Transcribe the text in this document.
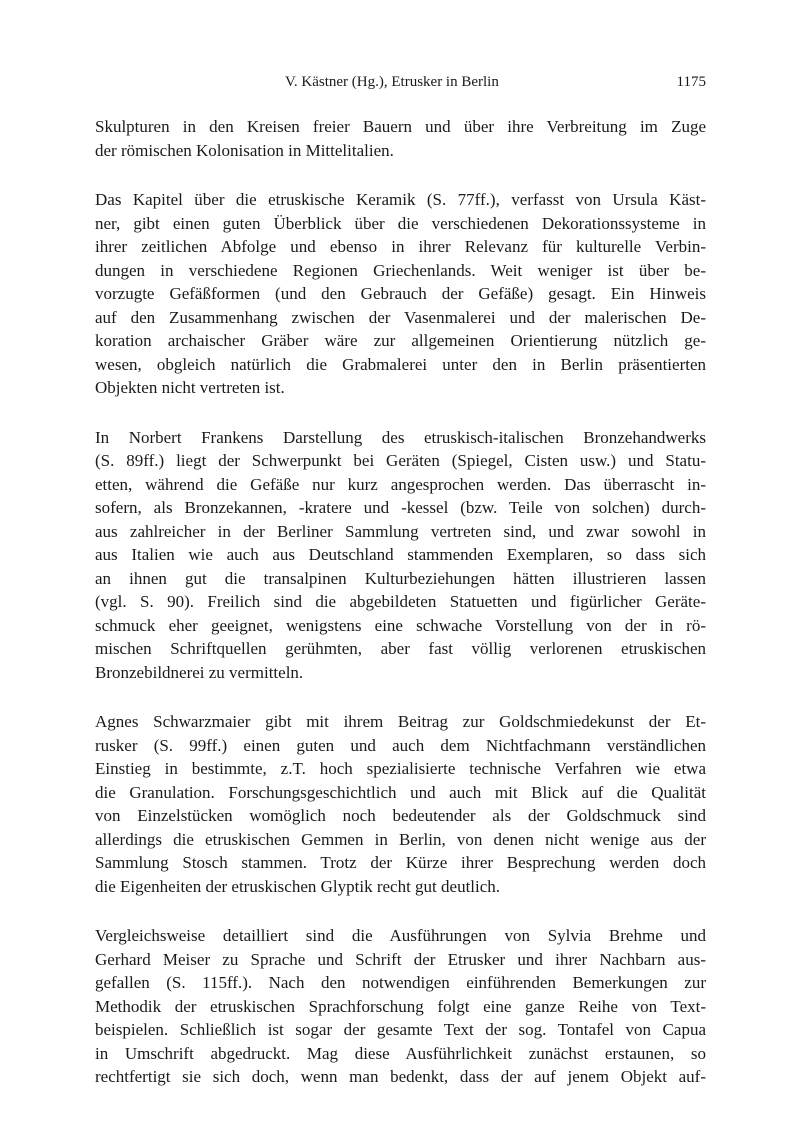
V. Kästner (Hg.), Etrusker in Berlin	1175

Skulpturen in den Kreisen freier Bauern und über ihre Verbreitung im Zuge
der römischen Kolonisation in Mittelitalien.

Das Kapitel über die etruskische Keramik (S. 77ff.), verfasst von Ursula Käst-
ner, gibt einen guten Überblick über die verschiedenen Dekorationssysteme in
ihrer zeitlichen Abfolge und ebenso in ihrer Relevanz für kulturelle Verbin-
dungen in verschiedene Regionen Griechenlands. Weit weniger ist über be-
vorzugte Gefäßformen (und den Gebrauch der Gefäße) gesagt. Ein Hinweis
auf den Zusammenhang zwischen der Vasenmalerei und der malerischen De-
koration archaischer Gräber wäre zur allgemeinen Orientierung nützlich ge-
wesen, obgleich natürlich die Grabmalerei unter den in Berlin präsentierten
Objekten nicht vertreten ist.

In Norbert Frankens Darstellung des etruskisch-italischen Bronzehandwerks
(S. 89ff.) liegt der Schwerpunkt bei Geräten (Spiegel, Cisten usw.) und Statu-
etten, während die Gefäße nur kurz angesprochen werden. Das überrascht in-
sofern, als Bronzekannen, -kratere und -kessel (bzw. Teile von solchen) durch-
aus zahlreicher in der Berliner Sammlung vertreten sind, und zwar sowohl in
aus Italien wie auch aus Deutschland stammenden Exemplaren, so dass sich
an ihnen gut die transalpinen Kulturbeziehungen hätten illustrieren lassen
(vgl. S. 90). Freilich sind die abgebildeten Statuetten und figürlicher Geräte-
schmuck eher geeignet, wenigstens eine schwache Vorstellung von der in rö-
mischen Schriftquellen gerühmten, aber fast völlig verlorenen etruskischen
Bronzebildnerei zu vermitteln.

Agnes Schwarzmaier gibt mit ihrem Beitrag zur Goldschmiedekunst der Et-
rusker (S. 99ff.) einen guten und auch dem Nichtfachmann verständlichen
Einstieg in bestimmte, z.T. hoch spezialisierte technische Verfahren wie etwa
die Granulation. Forschungsgeschichtlich und auch mit Blick auf die Qualität
von Einzelstücken womöglich noch bedeutender als der Goldschmuck sind
allerdings die etruskischen Gemmen in Berlin, von denen nicht wenige aus der
Sammlung Stosch stammen. Trotz der Kürze ihrer Besprechung werden doch
die Eigenheiten der etruskischen Glyptik recht gut deutlich.

Vergleichsweise detailliert sind die Ausführungen von Sylvia Brehme und
Gerhard Meiser zu Sprache und Schrift der Etrusker und ihrer Nachbarn aus-
gefallen (S. 115ff.). Nach den notwendigen einführenden Bemerkungen zur
Methodik der etruskischen Sprachforschung folgt eine ganze Reihe von Text-
beispielen. Schließlich ist sogar der gesamte Text der sog. Tontafel von Capua
in Umschrift abgedruckt. Mag diese Ausführlichkeit zunächst erstaunen, so
rechtfertigt sie sich doch, wenn man bedenkt, dass der auf jenem Objekt auf-
